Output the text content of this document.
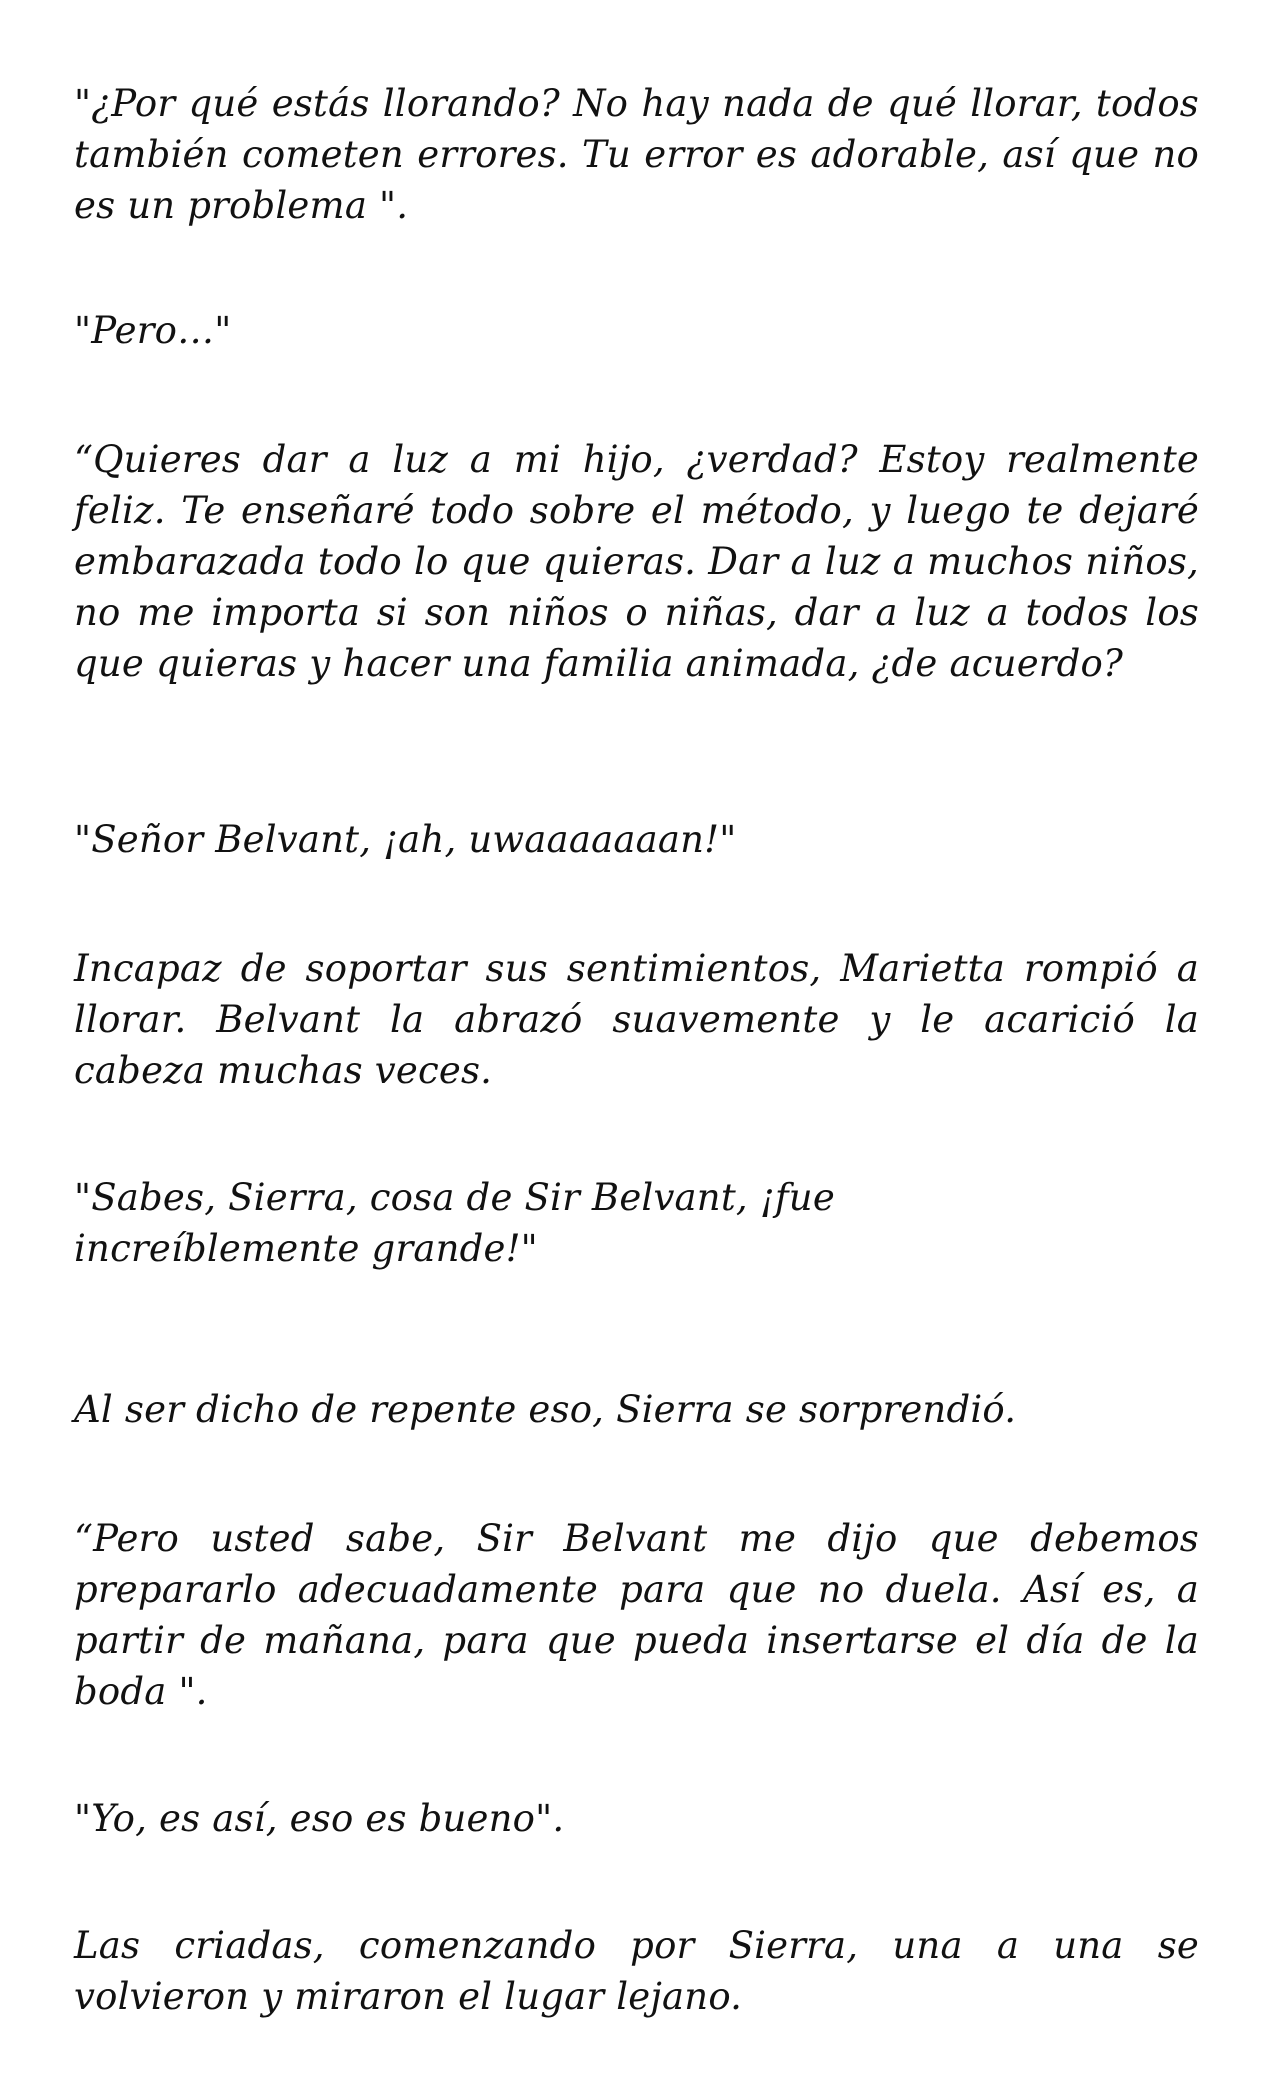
"¿Por qué estás llorando? No hay nada de qué llorar, todos también cometen errores. Tu error es adorable, así que no es un problema ".

"Pero…"

“Quieres dar a luz a mi hijo, ¿verdad? Estoy realmente feliz. Te enseñaré todo sobre el método, y luego te dejaré embarazada todo lo que quieras. Dar a luz a muchos niños, no me importa si son niños o niñas, dar a luz a todos los que quieras y hacer una familia animada, ¿de acuerdo?

"Señor Belvant, ¡ah, uwaaaaaaan!"

Incapaz de soportar sus sentimientos, Marietta rompió a llorar. Belvant la abrazó suavemente y le acarició la cabeza muchas veces.

"Sabes, Sierra, cosa de Sir Belvant, ¡fue increíblemente grande!"

Al ser dicho de repente eso, Sierra se sorprendió.

“Pero usted sabe, Sir Belvant me dijo que debemos prepararlo adecuadamente para que no duela. Así es, a partir de mañana, para que pueda insertarse el día de la boda ".

"Yo, es así, eso es bueno".

Las criadas, comenzando por Sierra, una a una se volvieron y miraron el lugar lejano.
